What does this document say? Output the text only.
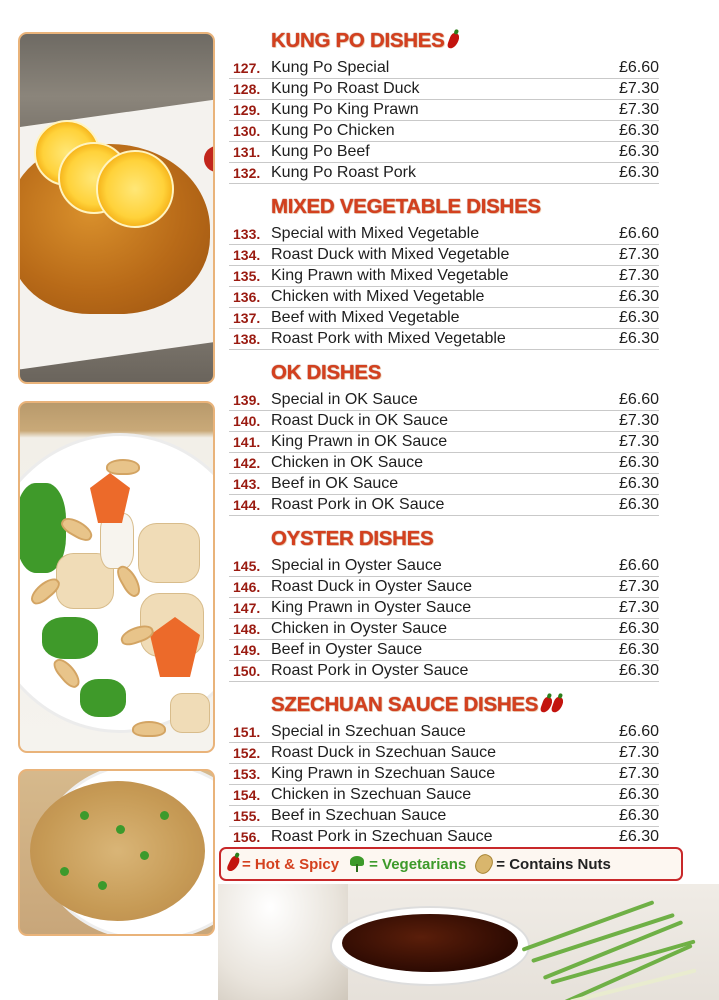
KUNG PO DISHES
127. Kung Po Special	£6.60
128. Kung Po Roast Duck	£7.30
129. Kung Po King Prawn	£7.30
130. Kung Po Chicken	£6.30
131. Kung Po Beef	£6.30
132. Kung Po Roast Pork	£6.30
MIXED VEGETABLE DISHES
133. Special with Mixed Vegetable	£6.60
134. Roast Duck with Mixed Vegetable	£7.30
135. King Prawn with Mixed Vegetable	£7.30
136. Chicken with Mixed Vegetable	£6.30
137. Beef with Mixed Vegetable	£6.30
138. Roast Pork with Mixed Vegetable	£6.30
OK DISHES
139. Special in OK Sauce	£6.60
140. Roast Duck in OK Sauce	£7.30
141. King Prawn in OK Sauce	£7.30
142. Chicken in OK Sauce	£6.30
143. Beef in OK Sauce	£6.30
144. Roast Pork in OK Sauce	£6.30
OYSTER DISHES
145. Special in Oyster Sauce	£6.60
146. Roast Duck in Oyster Sauce	£7.30
147. King Prawn in Oyster Sauce	£7.30
148. Chicken in Oyster Sauce	£6.30
149. Beef in Oyster Sauce	£6.30
150. Roast Pork in Oyster Sauce	£6.30
SZECHUAN SAUCE DISHES
151. Special in Szechuan Sauce	£6.60
152. Roast Duck in Szechuan Sauce	£7.30
153. King Prawn in Szechuan Sauce	£7.30
154. Chicken in Szechuan Sauce	£6.30
155. Beef in Szechuan Sauce	£6.30
156. Roast Pork in Szechuan Sauce	£6.30
= Hot & Spicy = Vegetarians = Contains Nuts
